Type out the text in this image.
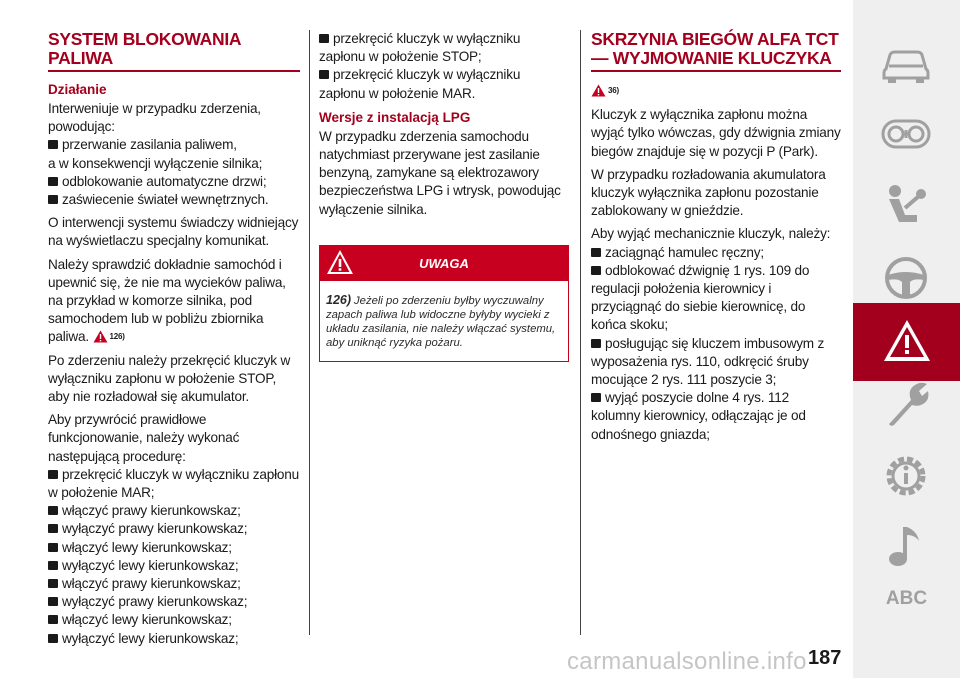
SYSTEM BLOKOWANIA PALIWA
Działanie
Interweniuje w przypadku zderzenia, powodując:
przerwanie zasilania paliwem,
a w konsekwencji wyłączenie silnika;
odblokowanie automatyczne drzwi;
zaświecenie świateł wewnętrznych.
O interwencji systemu świadczy widniejący na wyświetlaczu specjalny komunikat.
Należy sprawdzić dokładnie samochód i upewnić się, że nie ma wycieków paliwa, na przykład w komorze silnika, pod samochodem lub w pobliżu zbiornika paliwa.	126)
Po zderzeniu należy przekręcić kluczyk w wyłączniku zapłonu w położenie STOP, aby nie rozładował się akumulator.
Aby przywrócić prawidłowe funkcjonowanie, należy wykonać następującą procedurę:
przekręcić kluczyk w wyłączniku zapłonu w położenie MAR;
włączyć prawy kierunkowskaz;
wyłączyć prawy kierunkowskaz;
włączyć lewy kierunkowskaz;
wyłączyć lewy kierunkowskaz;
włączyć prawy kierunkowskaz;
wyłączyć prawy kierunkowskaz;
włączyć lewy kierunkowskaz;
wyłączyć lewy kierunkowskaz;
przekręcić kluczyk w wyłączniku zapłonu w położenie STOP;
przekręcić kluczyk w wyłączniku zapłonu w położenie MAR.
Wersje z instalacją LPG
W przypadku zderzenia samochodu natychmiast przerywane jest zasilanie benzyną, zamykane są elektrozawory bezpieczeństwa LPG i wtrysk, powodując wyłączenie silnika.
UWAGA
126) Jeżeli po zderzeniu byłby wyczuwalny zapach paliwa lub widoczne byłyby wycieki z układu zasilania, nie należy włączać systemu, aby uniknąć ryzyka pożaru.
SKRZYNIA BIEGÓW ALFA TCT — WYJMOWANIE KLUCZYKA
36)
Kluczyk z wyłącznika zapłonu można wyjąć tylko wówczas, gdy dźwignia zmiany biegów znajduje się w pozycji P (Park).
W przypadku rozładowania akumulatora kluczyk wyłącznika zapłonu pozostanie zablokowany w gnieździe.
Aby wyjąć mechanicznie kluczyk, należy:
zaciągnąć hamulec ręczny;
odblokować dźwignię 1 rys. 109 do regulacji położenia kierownicy i przyciągnąć do siebie kierownicę, do końca skoku;
posługując się kluczem imbusowym z wyposażenia rys. 110, odkręcić śruby mocujące 2 rys. 111 poszycie 3;
wyjąć poszycie dolne 4 rys. 112 kolumny kierownicy, odłączając je od odnośnego gniazda;
ABC
carmanualsonline.info 187
